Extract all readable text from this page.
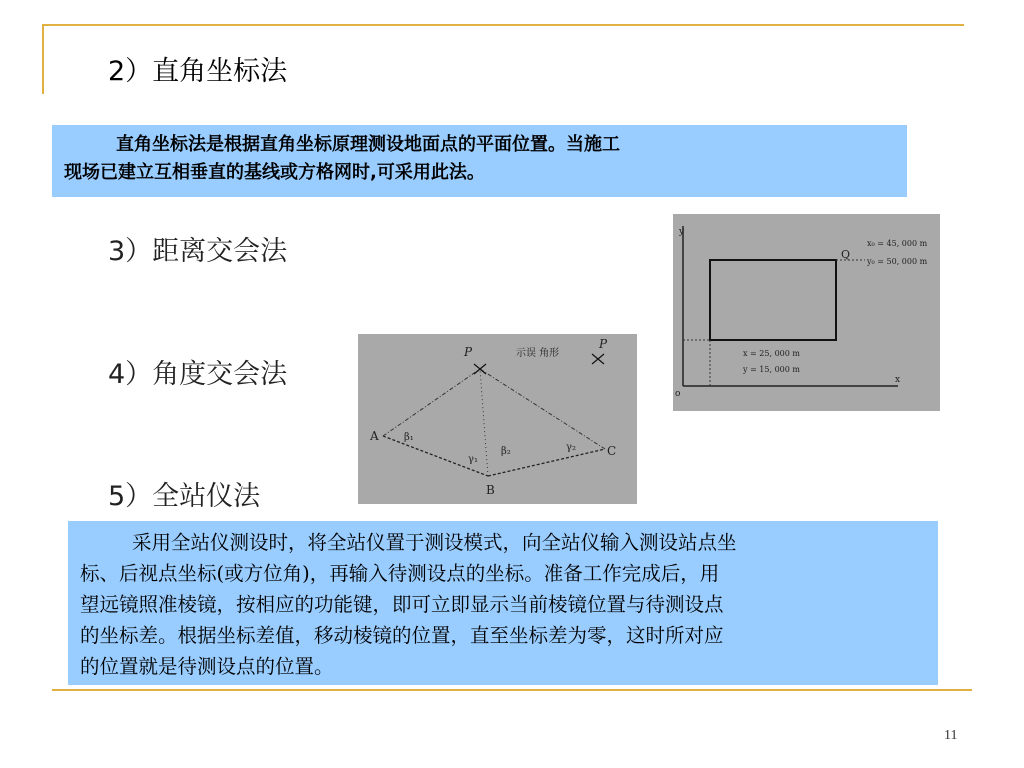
2）直角坐标法
直角坐标法是根据直角坐标原理测设地面点的平面位置。当施工
现场已建立互相垂直的基线或方格网时,可采用此法。
3）距离交会法
4）角度交会法
5）全站仪法
y
x
o
Q
x₀ = 45, 000 m
y₀ = 50, 000 m
x = 25, 000 m
y = 15, 000 m
A
B
C
P
P
示误 角形
β₁
β₂
γ₁
γ₂
采用全站仪测设时，将全站仪置于测设模式，向全站仪输入测设站点坐
标、后视点坐标(或方位角)，再输入待测设点的坐标。准备工作完成后，用
望远镜照准棱镜，按相应的功能键，即可立即显示当前棱镜位置与待测设点
的坐标差。根据坐标差值，移动棱镜的位置，直至坐标差为零，这时所对应
的位置就是待测设点的位置。
11
